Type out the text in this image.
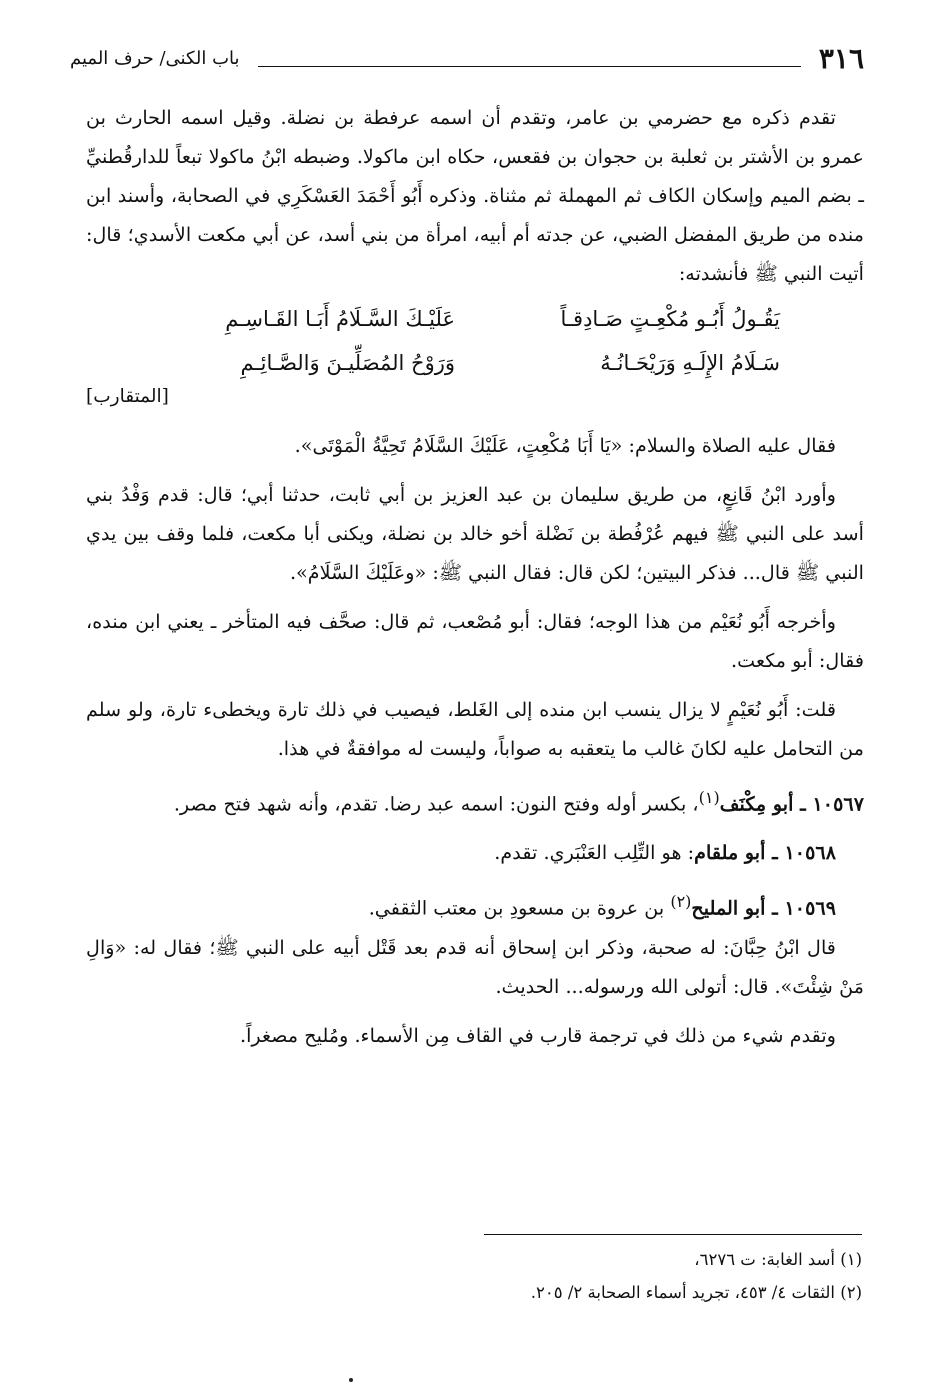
٣١٦
باب الكنى/ حرف الميم

تقدم ذكره مع حضرمي بن عامر، وتقدم أن اسمه عرفطة بن نضلة. وقيل اسمه الحارث بن عمرو بن الأشتر بن ثعلبة بن حجوان بن فقعس، حكاه ابن ماكولا. وضبطه ابْنُ ماكولا تبعاً للدارقُطنيِّ ـ بضم الميم وإسكان الكاف ثم المهملة ثم مثناة. وذكره أَبُو أَحْمَدَ العَسْكَرِي في الصحابة، وأسند ابن منده من طريق المفضل الضبي، عن جدته أم أبيه، امرأة من بني أسد، عن أبي مكعت الأسدي؛ قال: أتيت النبي ﷺ فأنشدته:

يَقُـولُ أَبُـو مُكْعِـتٍ صَـادِقـاً
عَلَيْـكَ السَّـلَامُ أَبَـا القَـاسِـمِ
سَـلَامُ الإِلَـهِ وَرَيْحَـانُـهُ
وَرَوْحُ المُصَلِّيـنَ وَالصَّـائِـمِ

[المتقارب]

فقال عليه الصلاة والسلام: «يَا أَبَا مُكْعِتٍ، عَلَيْكَ السَّلَامُ تَحِيَّةُ الْمَوْتَى».

وأورد ابْنُ قَانِعٍ، من طريق سليمان بن عبد العزيز بن أبي ثابت، حدثنا أبي؛ قال: قدم وَفْدُ بني أسد على النبي ﷺ فيهم عُرْفُطة بن نَضْلة أخو خالد بن نضلة، ويكنى أبا مكعت، فلما وقف بين يدي النبي ﷺ قال... فذكر البيتين؛ لكن قال: فقال النبي ﷺ: «وعَلَيْكَ السَّلَامُ».

وأخرجه أَبُو نُعَيْم من هذا الوجه؛ فقال: أبو مُصْعب، ثم قال: صحَّف فيه المتأخر ـ يعني ابن منده، فقال: أبو مكعت.

قلت: أَبُو نُعَيْمٍ لا يزال ينسب ابن منده إلى الغَلط، فيصيب في ذلك تارة ويخطىء تارة، ولو سلم من التحامل عليه لكانَ غالب ما يتعقبه به صواباً، وليست له موافقةٌ في هذا.

١٠٥٦٧ ـ أبو مِكْنَف$^{(١)}$، بكسر أوله وفتح النون: اسمه عبد رضا. تقدم، وأنه شهد فتح مصر.

١٠٥٦٨ ـ أبو ملقام: هو التِّلِب العَنْبَري. تقدم.

١٠٥٦٩ ـ أبو المليح$^{(٢)}$ بن عروة بن مسعودِ بن معتب الثقفي.

قال ابْنُ حِبَّانَ: له صحبة، وذكر ابن إسحاق أنه قدم بعد قَتْل أبيه على النبي ﷺ؛ فقال له: «وَالِ مَنْ شِئْتَ». قال: أتولى الله ورسوله... الحديث.

وتقدم شيء من ذلك في ترجمة قارب في القاف مِن الأسماء. ومُليح مصغراً.

(١) أسد الغابة: ت ٦٢٧٦،

(٢) الثقات ٤/ ٤٥٣، تجريد أسماء الصحابة ٢/ ٢٠٥.
